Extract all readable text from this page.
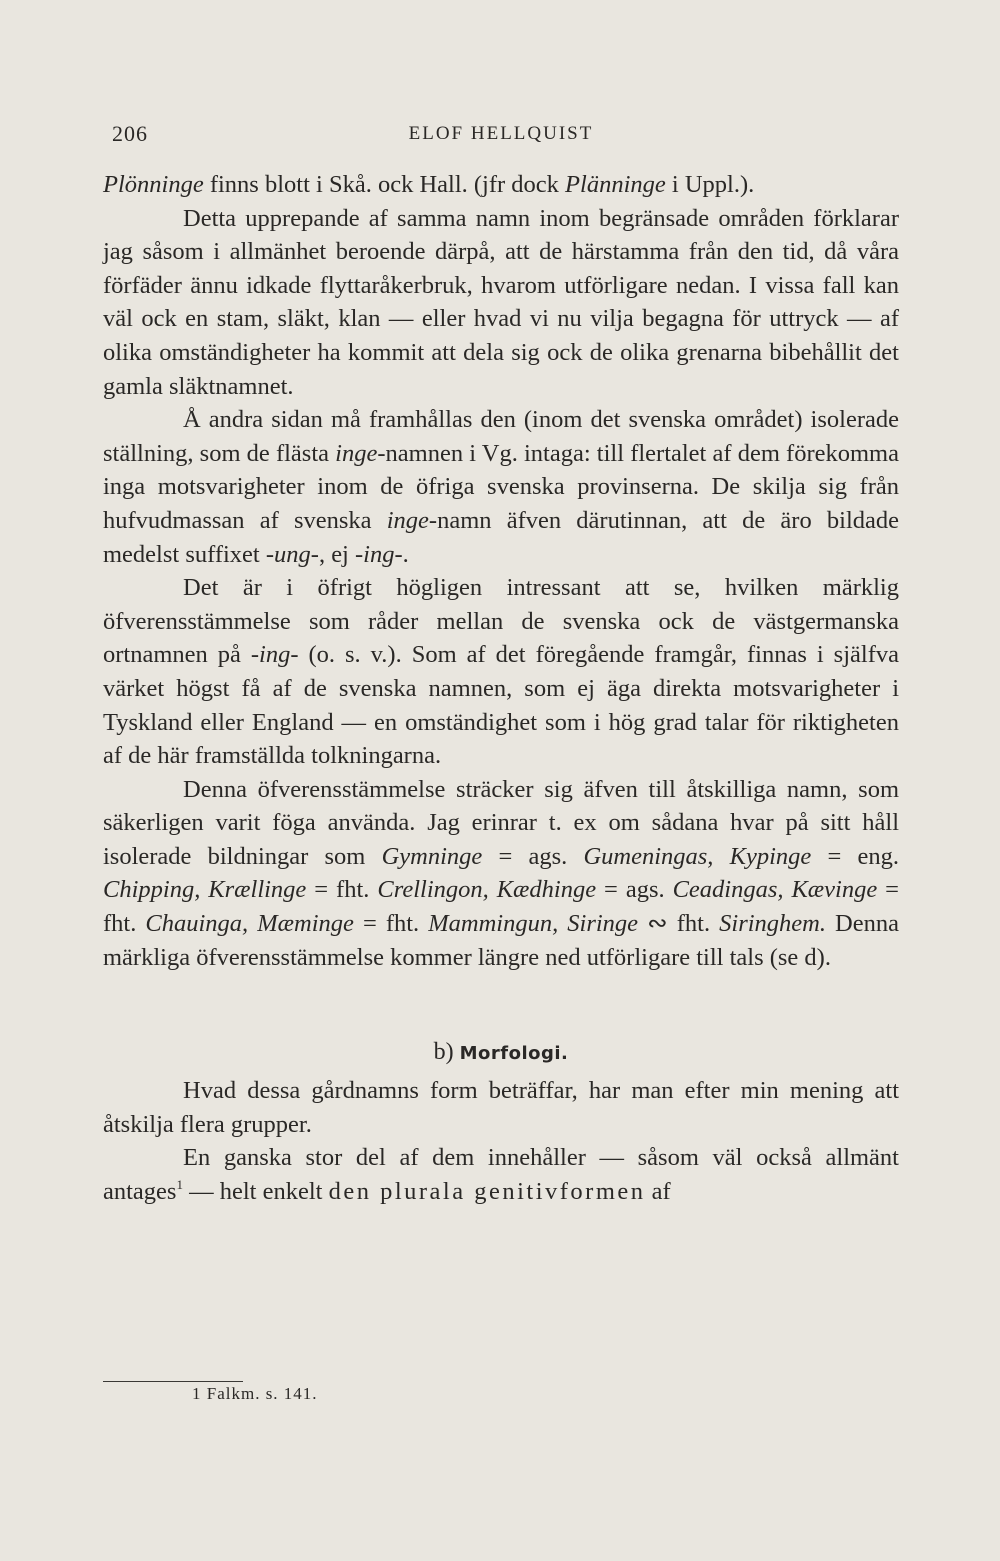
206	ELOF HELLQUIST

Plönninge finns blott i Skå. ock Hall. (jfr dock Plänninge i Uppl.).

Detta upprepande af samma namn inom begränsade områden förklarar jag såsom i allmänhet beroende därpå, att de härstamma från den tid, då våra förfäder ännu idkade flyttaråkerbruk, hvarom utförligare nedan. I vissa fall kan väl ock en stam, släkt, klan — eller hvad vi nu vilja begagna för uttryck — af olika omständigheter ha kommit att dela sig ock de olika grenarna bibehållit det gamla släktnamnet.

Å andra sidan må framhållas den (inom det svenska området) isolerade ställning, som de flästa inge-namnen i Vg. intaga: till flertalet af dem förekomma inga motsvarigheter inom de öfriga svenska provinserna. De skilja sig från hufvudmassan af svenska inge-namn äfven därutinnan, att de äro bildade medelst suffixet -ung-, ej -ing-.

Det är i öfrigt högligen intressant att se, hvilken märklig öfverensstämmelse som råder mellan de svenska ock de västgermanska ortnamnen på -ing- (o. s. v.). Som af det föregående framgår, finnas i själfva värket högst få af de svenska namnen, som ej äga direkta motsvarigheter i Tyskland eller England — en omständighet som i hög grad talar för riktigheten af de här framställda tolkningarna.

Denna öfverensstämmelse sträcker sig äfven till åtskilliga namn, som säkerligen varit föga använda. Jag erinrar t. ex om sådana hvar på sitt håll isolerade bildningar som Gymninge = ags. Gumeningas, Kypinge = eng. Chipping, Krællinge = fht. Crellingon, Kædhinge = ags. Ceadingas, Kævinge = fht. Chauinga, Mæminge = fht. Mammingun, Siringe ∾ fht. Siringhem. Denna märkliga öfverensstämmelse kommer längre ned utförligare till tals (se d).

b) Morfologi.

Hvad dessa gårdnamns form beträffar, har man efter min mening att åtskilja flera grupper.

En ganska stor del af dem innehåller — såsom väl också allmänt antages$^1$ — helt enkelt den plurala genitivformen af

1 Falkm. s. 141.
